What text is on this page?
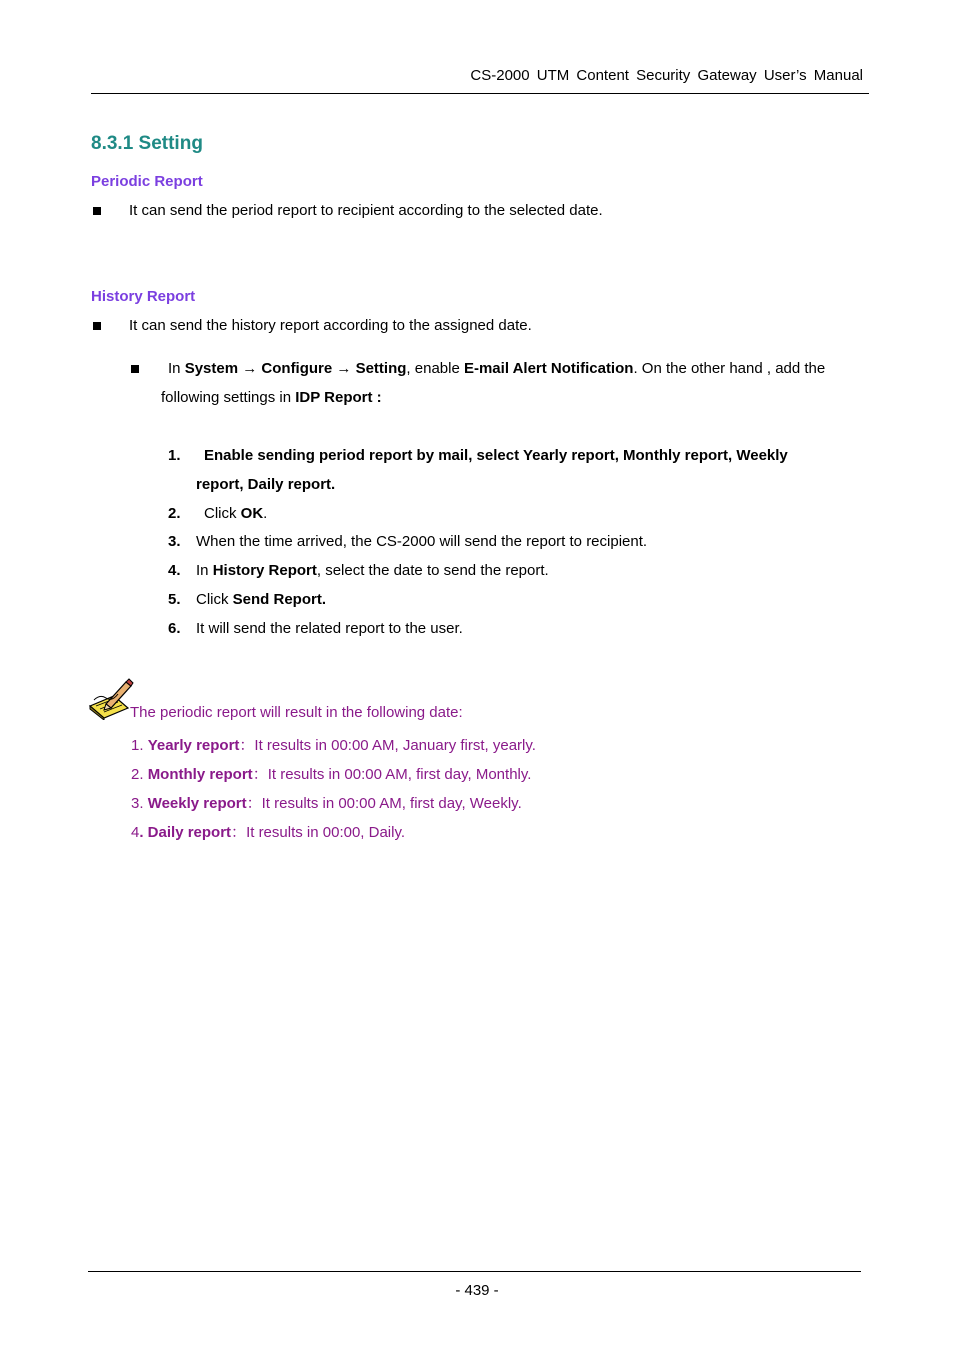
CS-2000 UTM Content Security Gateway User’s Manual
8.3.1 Setting
Periodic Report
It can send the period report to recipient according to the selected date.
History Report
It can send the history report according to the assigned date.
In System → Configure → Setting, enable E-mail Alert Notification. On the other hand , add the
following settings in IDP Report :
1. Enable sending period report by mail, select Yearly report, Monthly report, Weekly
report, Daily report.
2. Click OK.
3. When the time arrived, the CS-2000 will send the report to recipient.
4. In History Report, select the date to send the report.
5. Click Send Report.
6. It will send the related report to the user.
The periodic report will result in the following date:
1. Yearly report：It results in 00:00 AM, January first, yearly.
2. Monthly report：It results in 00:00 AM, first day, Monthly.
3. Weekly report：It results in 00:00 AM, first day, Weekly.
4. Daily report：It results in 00:00, Daily.
- 439 -
